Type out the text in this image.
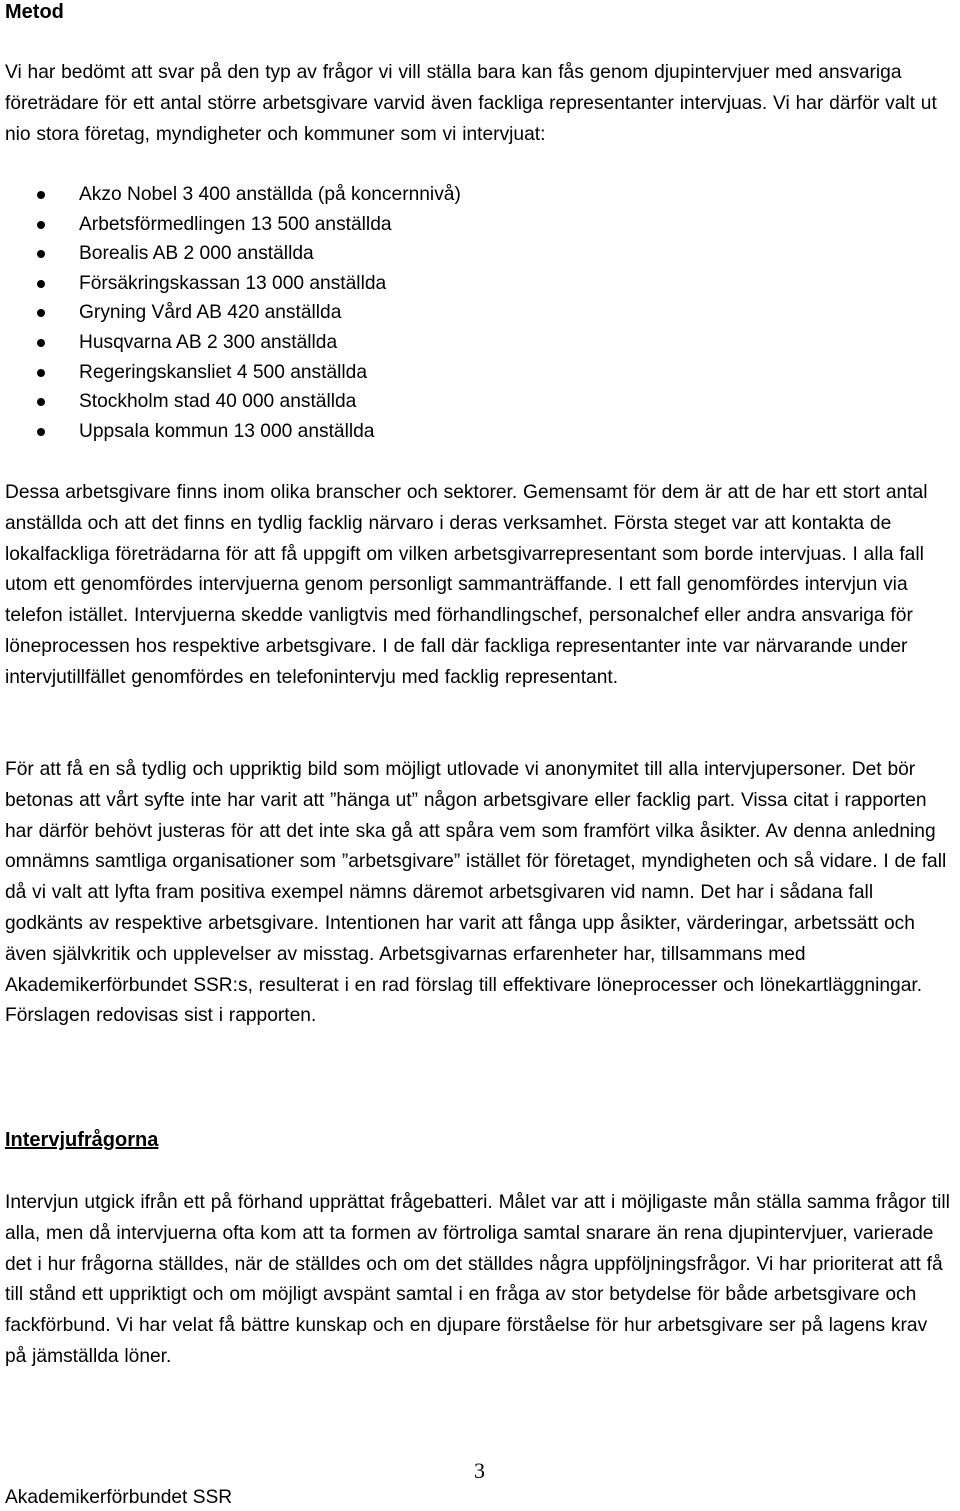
Metod

Vi har bedömt att svar på den typ av frågor vi vill ställa bara kan fås genom djupintervjuer med ansvariga företrädare för ett antal större arbetsgivare varvid även fackliga representanter intervjuas. Vi har därför valt ut nio stora företag, myndigheter och kommuner som vi intervjuat:

Akzo Nobel 3 400 anställda (på koncernnivå)
Arbetsförmedlingen 13 500 anställda
Borealis AB 2 000 anställda
Försäkringskassan 13 000 anställda
Gryning Vård AB 420 anställda
Husqvarna AB 2 300 anställda
Regeringskansliet 4 500 anställda
Stockholm stad 40 000 anställda
Uppsala kommun 13 000 anställda

Dessa arbetsgivare finns inom olika branscher och sektorer. Gemensamt för dem är att de har ett stort antal anställda och att det finns en tydlig facklig närvaro i deras verksamhet. Första steget var att kontakta de lokalfackliga företrädarna för att få uppgift om vilken arbetsgivarrepresentant som borde intervjuas. I alla fall utom ett genomfördes intervjuerna genom personligt sammanträffande. I ett fall genomfördes intervjun via telefon istället. Intervjuerna skedde vanligtvis med förhandlingschef, personalchef eller andra ansvariga för löneprocessen hos respektive arbetsgivare. I de fall där fackliga representanter inte var närvarande under intervjutillfället genomfördes en telefonintervju med facklig representant.

För att få en så tydlig och uppriktig bild som möjligt utlovade vi anonymitet till alla intervjupersoner. Det bör betonas att vårt syfte inte har varit att ”hänga ut” någon arbetsgivare eller facklig part. Vissa citat i rapporten har därför behövt justeras för att det inte ska gå att spåra vem som framfört vilka åsikter. Av denna anledning omnämns samtliga organisationer som ”arbetsgivare” istället för företaget, myndigheten och så vidare. I de fall då vi valt att lyfta fram positiva exempel nämns däremot arbetsgivaren vid namn. Det har i sådana fall godkänts av respektive arbetsgivare. Intentionen har varit att fånga upp åsikter, värderingar, arbetssätt och även självkritik och upplevelser av misstag. Arbetsgivarnas erfarenheter har, tillsammans med Akademikerförbundet SSR:s, resulterat i en rad förslag till effektivare löneprocesser och lönekartläggningar. Förslagen redovisas sist i rapporten.

Intervjufrågorna

Intervjun utgick ifrån ett på förhand upprättat frågebatteri. Målet var att i möjligaste mån ställa samma frågor till alla, men då intervjuerna ofta kom att ta formen av förtroliga samtal snarare än rena djupintervjuer, varierade det i hur frågorna ställdes, när de ställdes och om det ställdes några uppföljningsfrågor. Vi har prioriterat att få till stånd ett uppriktigt och om möjligt avspänt samtal i en fråga av stor betydelse för både arbetsgivare och fackförbund. Vi har velat få bättre kunskap och en djupare förståelse för hur arbetsgivare ser på lagens krav på jämställda löner.

3

Akademikerförbundet SSR
